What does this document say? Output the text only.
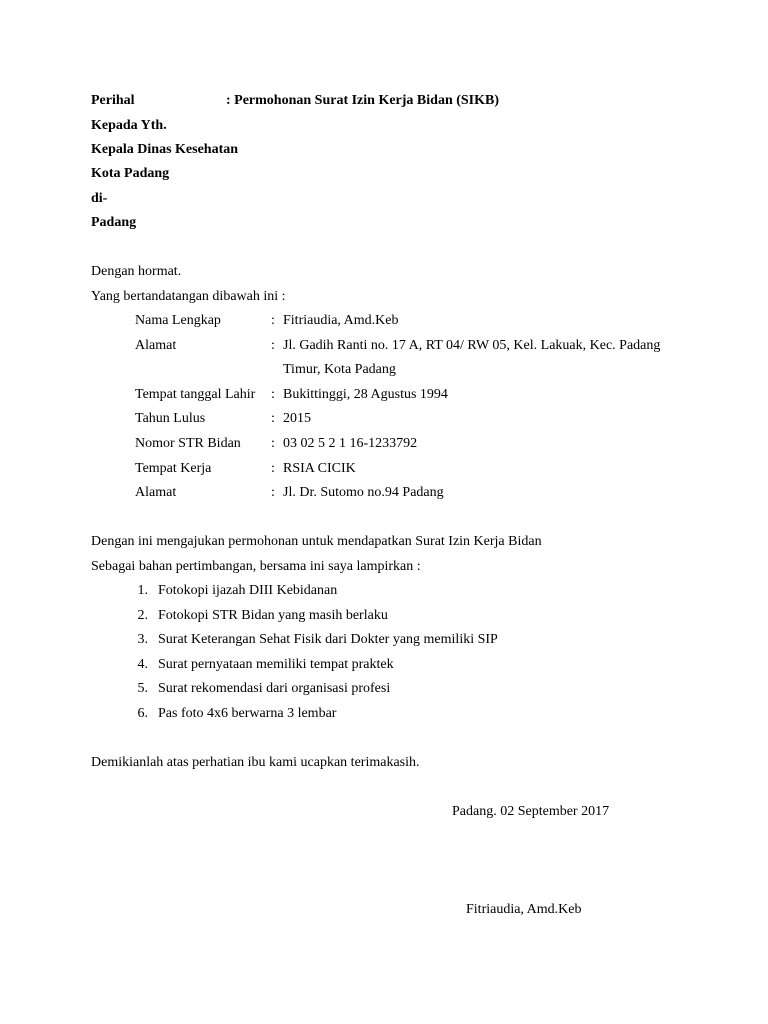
Perihal	: Permohonan Surat Izin Kerja Bidan (SIKB)
Kepada Yth.
Kepala Dinas Kesehatan
Kota Padang
di-
Padang
Dengan hormat.
Yang bertandatangan dibawah ini :
Nama Lengkap	: Fitriaudia, Amd.Keb
Alamat	: Jl. Gadih Ranti no. 17 A, RT 04/ RW 05, Kel. Lakuak, Kec. Padang
Timur, Kota Padang
Tempat tanggal Lahir : Bukittinggi, 28 Agustus 1994
Tahun Lulus	: 2015
Nomor STR Bidan : 03 02 5 2 1 16-1233792
Tempat Kerja	: RSIA CICIK
Alamat	: Jl. Dr. Sutomo no.94 Padang
Dengan ini mengajukan permohonan untuk mendapatkan Surat Izin Kerja Bidan
Sebagai bahan pertimbangan, bersama ini saya lampirkan :
1. Fotokopi ijazah DIII Kebidanan
2. Fotokopi STR Bidan yang masih berlaku
3. Surat Keterangan Sehat Fisik dari Dokter yang memiliki SIP
4. Surat pernyataan memiliki tempat praktek
5. Surat rekomendasi dari organisasi profesi
6. Pas foto 4x6 berwarna 3 lembar
Demikianlah atas perhatian ibu kami ucapkan terimakasih.
Padang. 02 September 2017
Fitriaudia, Amd.Keb
